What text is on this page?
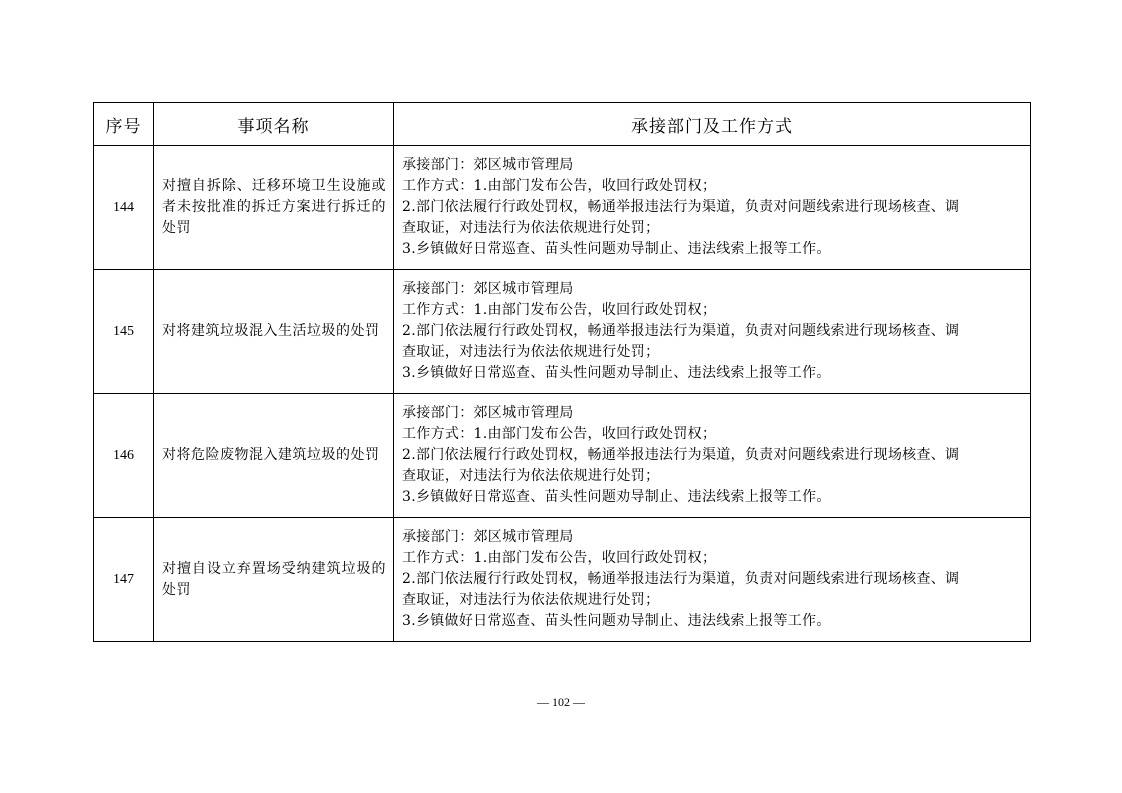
序号	事项名称	承接部门及工作方式
144	对擅自拆除、迁移环境卫生设施或者未按批准的拆迁方案进行拆迁的处罚	承接部门：郊区城市管理局
工作方式：1.由部门发布公告，收回行政处罚权；
2.部门依法履行行政处罚权，畅通举报违法行为渠道，负责对问题线索进行现场核查、调
查取证，对违法行为依法依规进行处罚；
3.乡镇做好日常巡查、苗头性问题劝导制止、违法线索上报等工作。

145	对将建筑垃圾混入生活垃圾的处罚	承接部门：郊区城市管理局
工作方式：1.由部门发布公告，收回行政处罚权；
2.部门依法履行行政处罚权，畅通举报违法行为渠道，负责对问题线索进行现场核查、调
查取证，对违法行为依法依规进行处罚；
3.乡镇做好日常巡查、苗头性问题劝导制止、违法线索上报等工作。

146	对将危险废物混入建筑垃圾的处罚	承接部门：郊区城市管理局
工作方式：1.由部门发布公告，收回行政处罚权；
2.部门依法履行行政处罚权，畅通举报违法行为渠道，负责对问题线索进行现场核查、调
查取证，对违法行为依法依规进行处罚；
3.乡镇做好日常巡查、苗头性问题劝导制止、违法线索上报等工作。

147	对擅自设立弃置场受纳建筑垃圾的处罚	承接部门：郊区城市管理局
工作方式：1.由部门发布公告，收回行政处罚权；
2.部门依法履行行政处罚权，畅通举报违法行为渠道，负责对问题线索进行现场核查、调
查取证，对违法行为依法依规进行处罚；
3.乡镇做好日常巡查、苗头性问题劝导制止、违法线索上报等工作。
— 102 —
